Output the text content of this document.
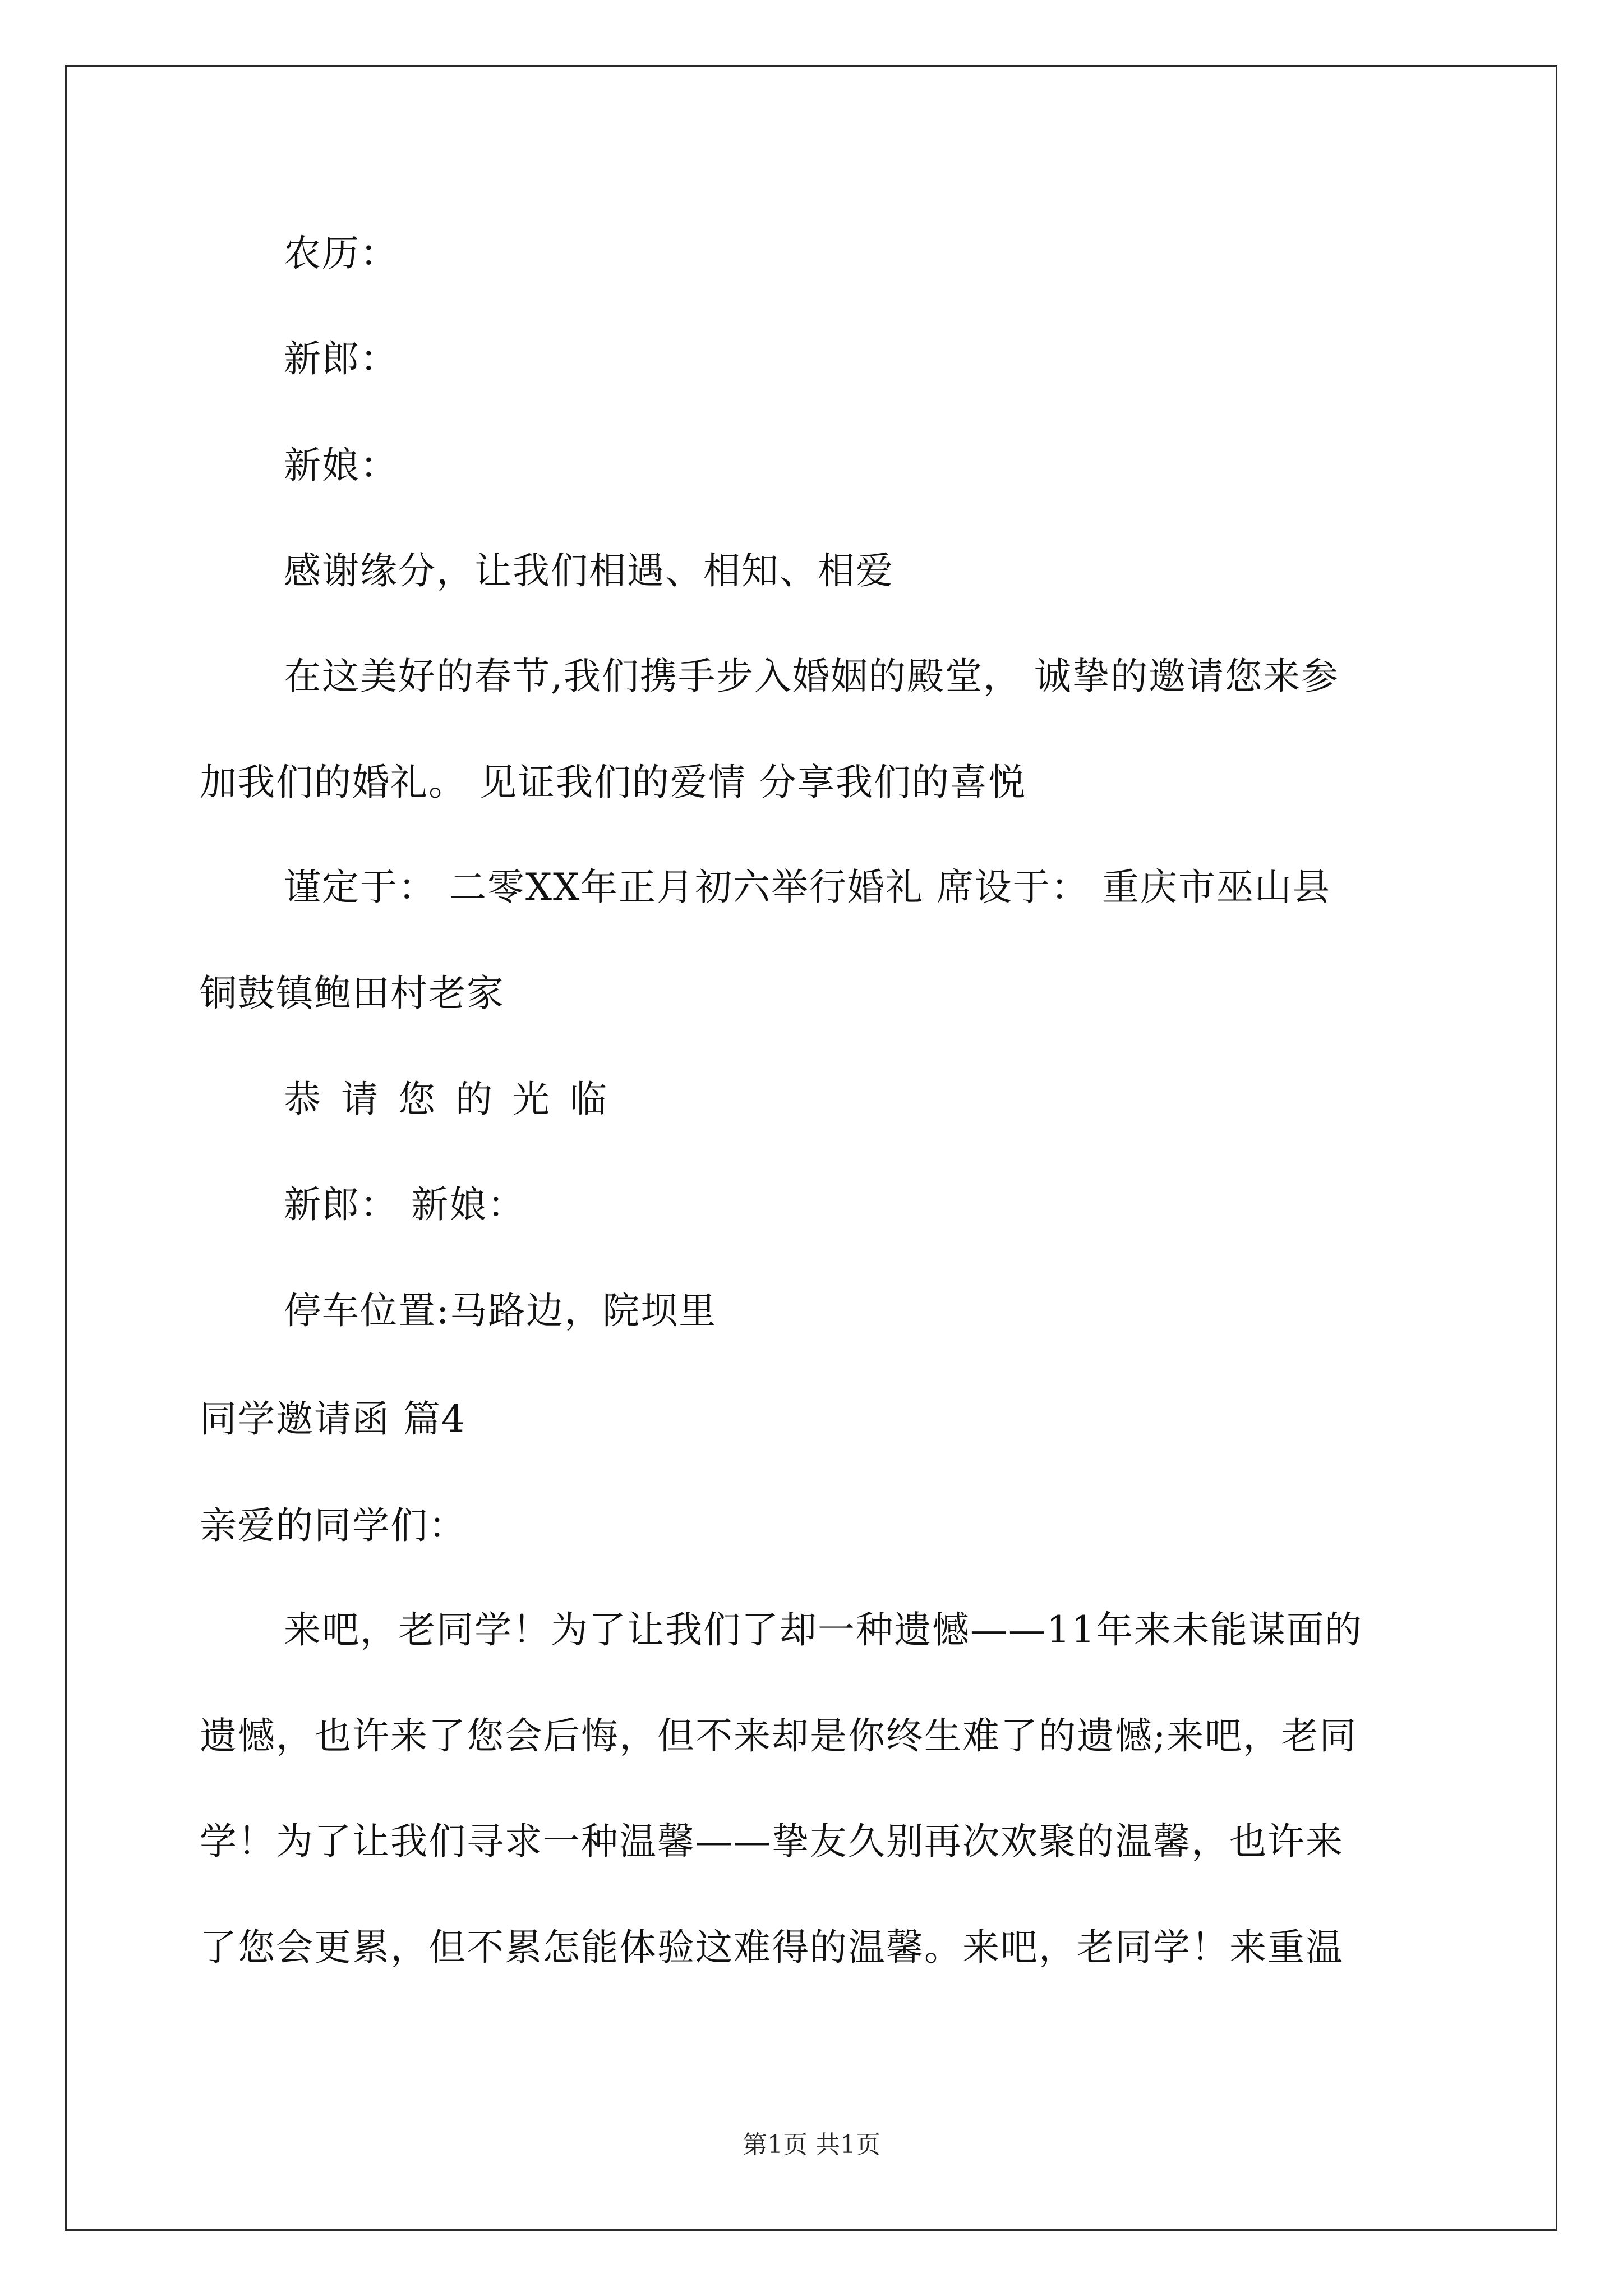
农历：
新郎：
新娘：
感谢缘分，让我们相遇、相知、相爱
在这美好的春节,我们携手步入婚姻的殿堂， 诚挚的邀请您来参
加我们的婚礼。 见证我们的爱情 分享我们的喜悦
谨定于： 二零XX年正月初六举行婚礼 席设于： 重庆市巫山县
铜鼓镇鲍田村老家
恭请您的光临
新郎： 新娘：
停车位置:马路边，院坝里
同学邀请函 篇4
亲爱的同学们：
来吧，老同学！为了让我们了却一种遗憾——11年来未能谋面的
遗憾，也许来了您会后悔，但不来却是你终生难了的遗憾;来吧，老同
学！为了让我们寻求一种温馨——挚友久别再次欢聚的温馨，也许来
了您会更累，但不累怎能体验这难得的温馨。来吧，老同学！来重温
第1页 共1页
